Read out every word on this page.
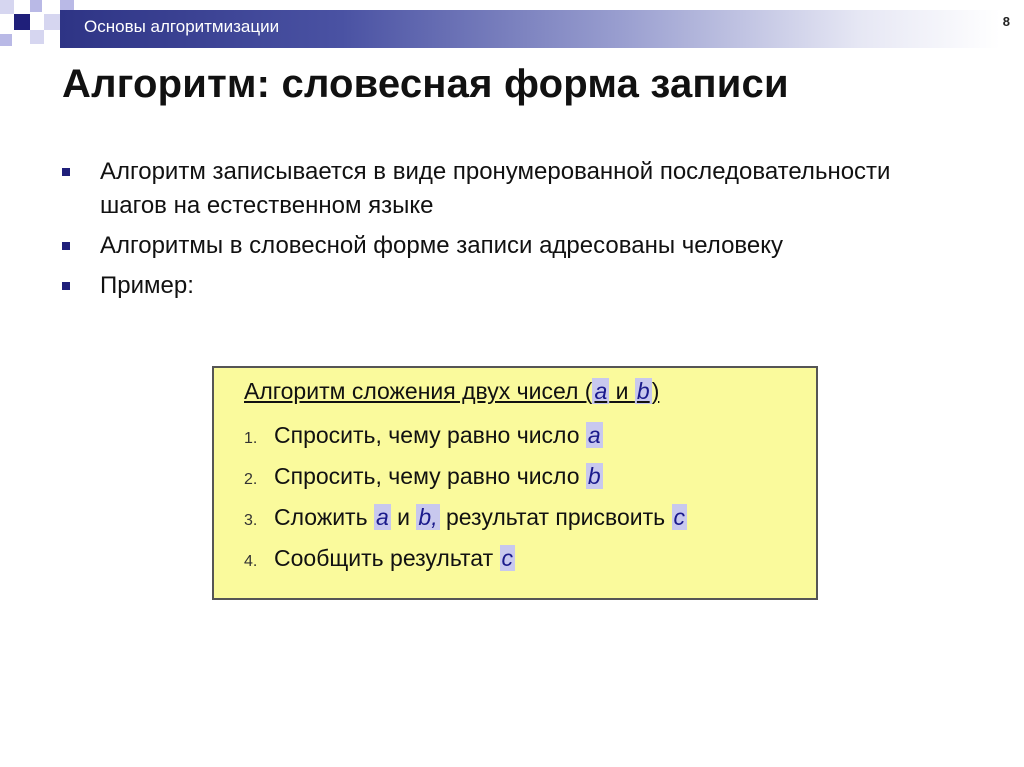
Основы алгоритмизации	8
Алгоритм: словесная форма записи
Алгоритм записывается в виде пронумерованной последовательности шагов на естественном языке
Алгоритмы в словесной форме записи адресованы человеку
Пример:
Алгоритм сложения двух чисел (a и b)
1. Спросить, чему равно число a
2. Спросить, чему равно число b
3. Сложить a и b, результат присвоить c
4. Сообщить результат c
